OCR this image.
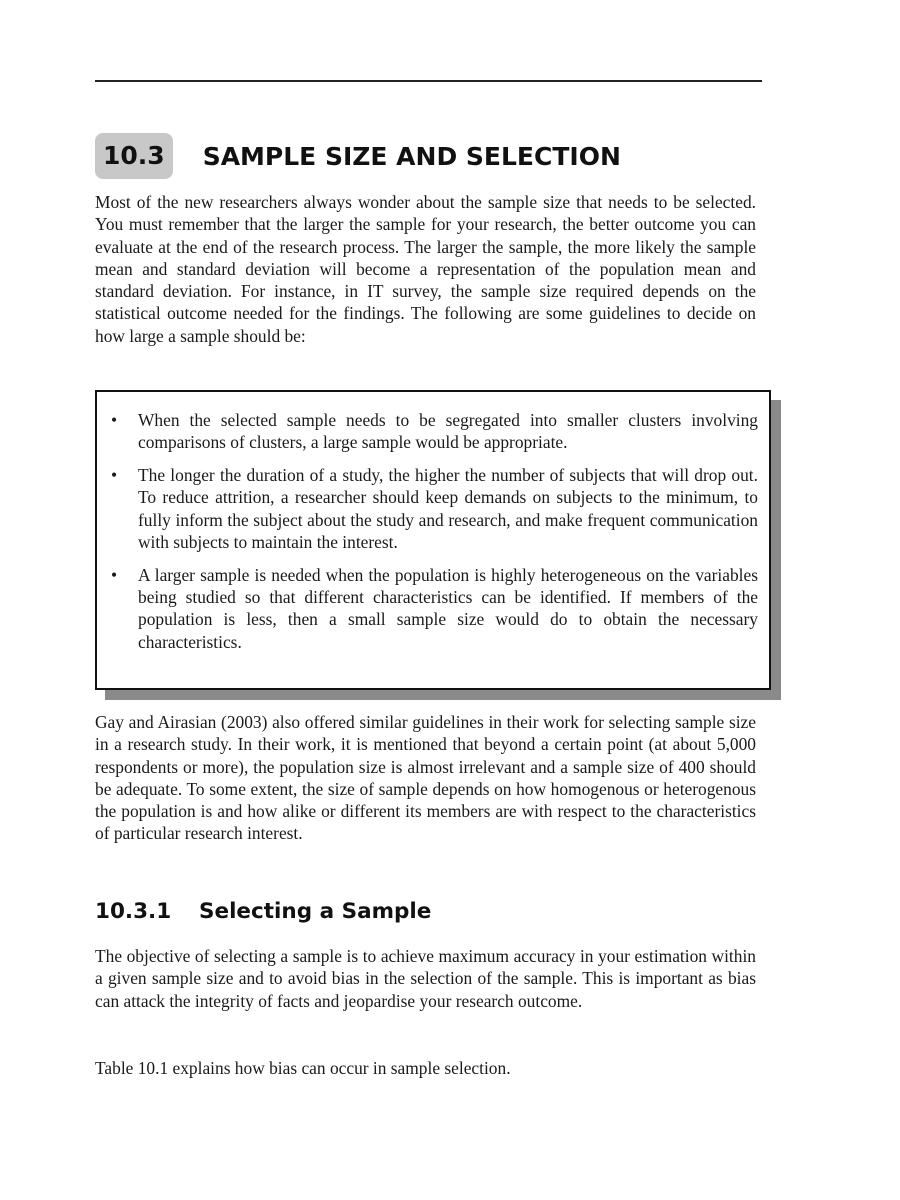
10.3	SAMPLE SIZE AND SELECTION

Most of the new researchers always wonder about the sample size that needs to be selected. You must remember that the larger the sample for your research, the better outcome you can evaluate at the end of the research process. The larger the sample, the more likely the sample mean and standard deviation will become a representation of the population mean and standard deviation. For instance, in IT survey, the sample size required depends on the statistical outcome needed for the findings. The following are some guidelines to decide on how large a sample should be:

• When the selected sample needs to be segregated into smaller clusters involving comparisons of clusters, a large sample would be appropriate.
• The longer the duration of a study, the higher the number of subjects that will drop out. To reduce attrition, a researcher should keep demands on subjects to the minimum, to fully inform the subject about the study and research, and make frequent communication with subjects to maintain the interest.
• A larger sample is needed when the population is highly heterogeneous on the variables being studied so that different characteristics can be identified. If members of the population is less, then a small sample size would do to obtain the necessary characteristics.

Gay and Airasian (2003) also offered similar guidelines in their work for selecting sample size in a research study. In their work, it is mentioned that beyond a certain point (at about 5,000 respondents or more), the population size is almost irrelevant and a sample size of 400 should be adequate. To some extent, the size of sample depends on how homogenous or heterogenous the population is and how alike or different its members are with respect to the characteristics of particular research interest.

10.3.1	Selecting a Sample

The objective of selecting a sample is to achieve maximum accuracy in your estimation within a given sample size and to avoid bias in the selection of the sample. This is important as bias can attack the integrity of facts and jeopardise your research outcome.

Table 10.1 explains how bias can occur in sample selection.
